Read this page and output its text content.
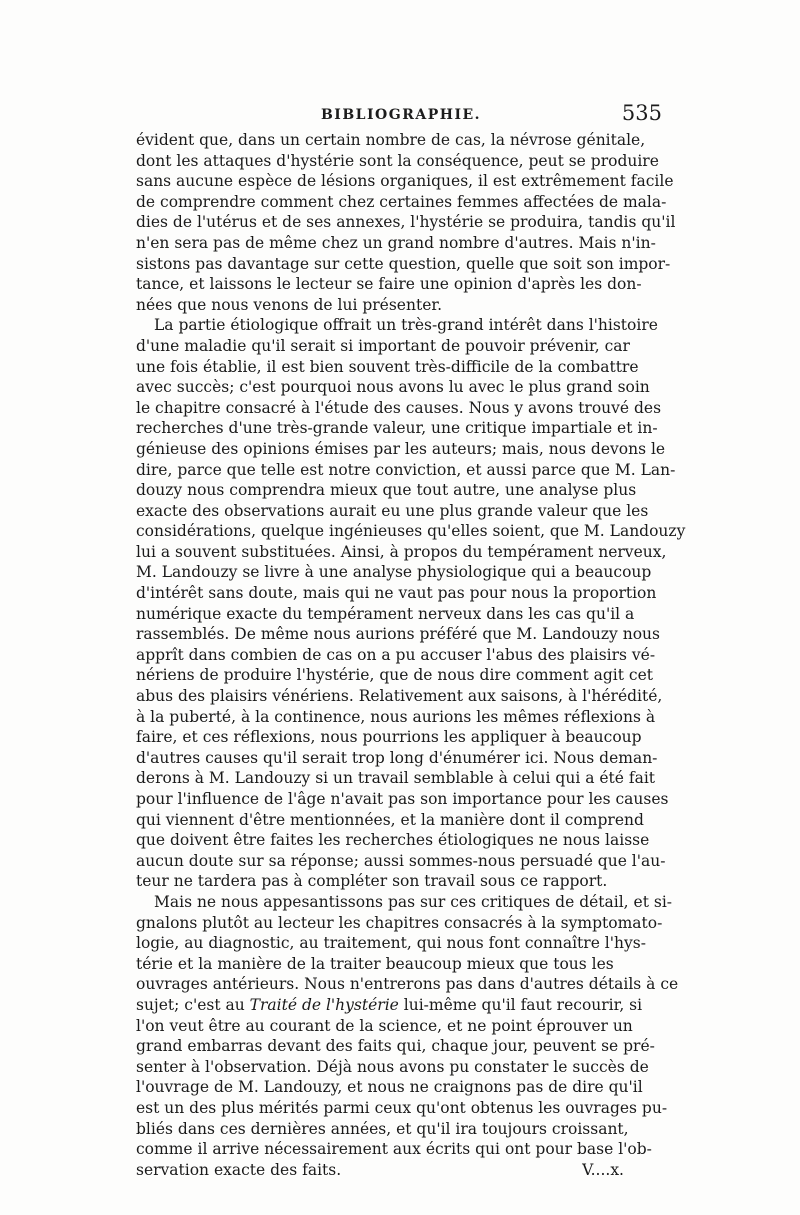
BIBLIOGRAPHIE.	535
évident que, dans un certain nombre de cas, la névrose génitale,
dont les attaques d'hystérie sont la conséquence, peut se produire
sans aucune espèce de lésions organiques, il est extrêmement facile
de comprendre comment chez certaines femmes affectées de mala-
dies de l'utérus et de ses annexes, l'hystérie se produira, tandis qu'il
n'en sera pas de même chez un grand nombre d'autres. Mais n'in-
sistons pas davantage sur cette question, quelle que soit son impor-
tance, et laissons le lecteur se faire une opinion d'après les don-
nées que nous venons de lui présenter.
La partie étiologique offrait un très-grand intérêt dans l'histoire
d'une maladie qu'il serait si important de pouvoir prévenir, car
une fois établie, il est bien souvent très-difficile de la combattre
avec succès; c'est pourquoi nous avons lu avec le plus grand soin
le chapitre consacré à l'étude des causes. Nous y avons trouvé des
recherches d'une très-grande valeur, une critique impartiale et in-
génieuse des opinions émises par les auteurs; mais, nous devons le
dire, parce que telle est notre conviction, et aussi parce que M. Lan-
douzy nous comprendra mieux que tout autre, une analyse plus
exacte des observations aurait eu une plus grande valeur que les
considérations, quelque ingénieuses qu'elles soient, que M. Landouzy
lui a souvent substituées. Ainsi, à propos du tempérament nerveux,
M. Landouzy se livre à une analyse physiologique qui a beaucoup
d'intérêt sans doute, mais qui ne vaut pas pour nous la proportion
numérique exacte du tempérament nerveux dans les cas qu'il a
rassemblés. De même nous aurions préféré que M. Landouzy nous
apprît dans combien de cas on a pu accuser l'abus des plaisirs vé-
nériens de produire l'hystérie, que de nous dire comment agit cet
abus des plaisirs vénériens. Relativement aux saisons, à l'hérédité,
à la puberté, à la continence, nous aurions les mêmes réflexions à
faire, et ces réflexions, nous pourrions les appliquer à beaucoup
d'autres causes qu'il serait trop long d'énumérer ici. Nous deman-
derons à M. Landouzy si un travail semblable à celui qui a été fait
pour l'influence de l'âge n'avait pas son importance pour les causes
qui viennent d'être mentionnées, et la manière dont il comprend
que doivent être faites les recherches étiologiques ne nous laisse
aucun doute sur sa réponse; aussi sommes-nous persuadé que l'au-
teur ne tardera pas à compléter son travail sous ce rapport.
Mais ne nous appesantissons pas sur ces critiques de détail, et si-
gnalons plutôt au lecteur les chapitres consacrés à la symptomato-
logie, au diagnostic, au traitement, qui nous font connaître l'hys-
térie et la manière de la traiter beaucoup mieux que tous les
ouvrages antérieurs. Nous n'entrerons pas dans d'autres détails à ce
sujet; c'est au Traité de l'hystérie lui-même qu'il faut recourir, si
l'on veut être au courant de la science, et ne point éprouver un
grand embarras devant des faits qui, chaque jour, peuvent se pré-
senter à l'observation. Déjà nous avons pu constater le succès de
l'ouvrage de M. Landouzy, et nous ne craignons pas de dire qu'il
est un des plus mérités parmi ceux qu'ont obtenus les ouvrages pu-
bliés dans ces dernières années, et qu'il ira toujours croissant,
comme il arrive nécessairement aux écrits qui ont pour base l'ob-
servation exacte des faits.	V....x.
